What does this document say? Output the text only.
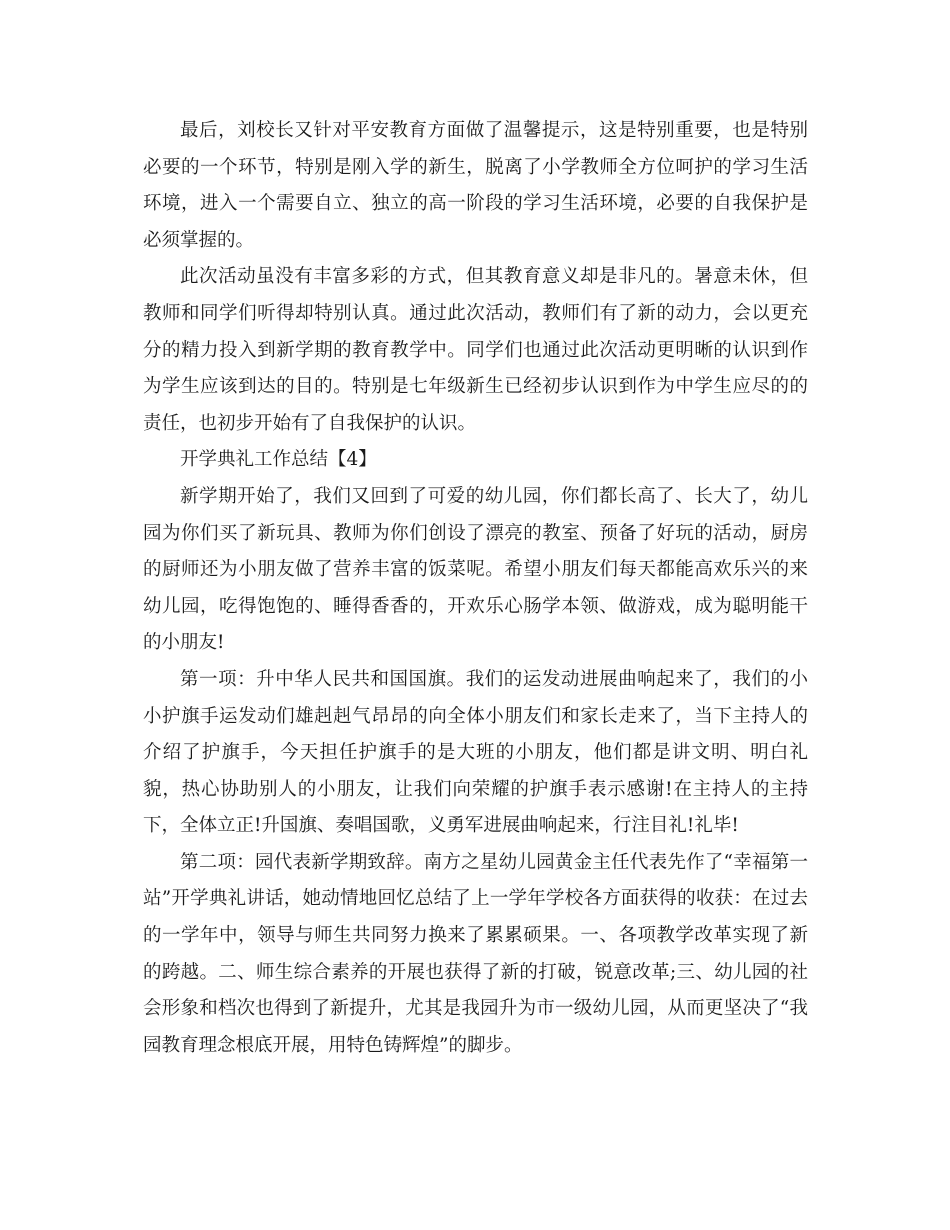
最后，刘校长又针对平安教育方面做了温馨提示，这是特别重要，也是特别必要的一个环节，特别是刚入学的新生，脱离了小学教师全方位呵护的学习生活环境，进入一个需要自立、独立的高一阶段的学习生活环境，必要的自我保护是必须掌握的。

此次活动虽没有丰富多彩的方式，但其教育意义却是非凡的。暑意未休，但教师和同学们听得却特别认真。通过此次活动，教师们有了新的动力，会以更充分的精力投入到新学期的教育教学中。同学们也通过此次活动更明晰的认识到作为学生应该到达的目的。特别是七年级新生已经初步认识到作为中学生应尽的的责任，也初步开始有了自我保护的认识。

开学典礼工作总结【4】

新学期开始了，我们又回到了可爱的幼儿园，你们都长高了、长大了，幼儿园为你们买了新玩具、教师为你们创设了漂亮的教室、预备了好玩的活动，厨房的厨师还为小朋友做了营养丰富的饭菜呢。希望小朋友们每天都能高欢乐兴的来幼儿园，吃得饱饱的、睡得香香的，开欢乐心肠学本领、做游戏，成为聪明能干的小朋友!

第一项：升中华人民共和国国旗。我们的运发动进展曲响起来了，我们的小小护旗手运发动们雄赳赳气昂昂的向全体小朋友们和家长走来了，当下主持人的介绍了护旗手，今天担任护旗手的是大班的小朋友，他们都是讲文明、明白礼貌，热心协助别人的小朋友，让我们向荣耀的护旗手表示感谢!在主持人的主持下，全体立正!升国旗、奏唱国歌，义勇军进展曲响起来，行注目礼!礼毕!

第二项：园代表新学期致辞。南方之星幼儿园黄金主任代表先作了“幸福第一站”开学典礼讲话，她动情地回忆总结了上一学年学校各方面获得的收获：在过去的一学年中，领导与师生共同努力换来了累累硕果。一、各项教学改革实现了新的跨越。二、师生综合素养的开展也获得了新的打破，锐意改革;三、幼儿园的社会形象和档次也得到了新提升，尤其是我园升为市一级幼儿园，从而更坚决了“我园教育理念根底开展，用特色铸辉煌”的脚步。
